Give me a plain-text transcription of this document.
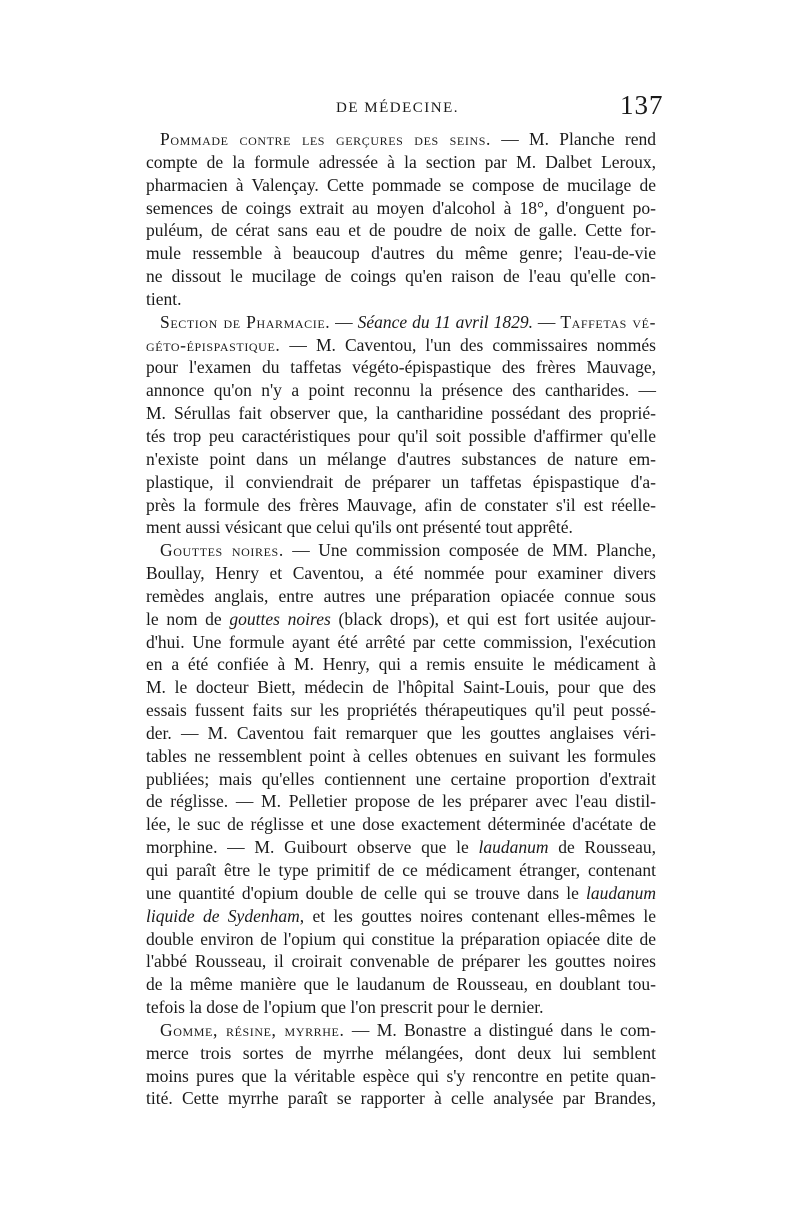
DE MÉDECINE.	137
Pommade contre les gerçures des seins. — M. Planche rend
compte de la formule adressée à la section par M. Dalbet Leroux,
pharmacien à Valençay. Cette pommade se compose de mucilage de
semences de coings extrait au moyen d'alcohol à 18°, d'onguent po-
puléum, de cérat sans eau et de poudre de noix de galle. Cette for-
mule ressemble à beaucoup d'autres du même genre; l'eau-de-vie
ne dissout le mucilage de coings qu'en raison de l'eau qu'elle con-
tient.
Section de Pharmacie. — Séance du 11 avril 1829. — Taffetas vé-
géto-épispastique. — M. Caventou, l'un des commissaires nommés
pour l'examen du taffetas végéto-épispastique des frères Mauvage,
annonce qu'on n'y a point reconnu la présence des cantharides. —
M. Sérullas fait observer que, la cantharidine possédant des proprié-
tés trop peu caractéristiques pour qu'il soit possible d'affirmer qu'elle
n'existe point dans un mélange d'autres substances de nature em-
plastique, il conviendrait de préparer un taffetas épispastique d'a-
près la formule des frères Mauvage, afin de constater s'il est réelle-
ment aussi vésicant que celui qu'ils ont présenté tout apprêté.
Gouttes noires. — Une commission composée de MM. Planche,
Boullay, Henry et Caventou, a été nommée pour examiner divers
remèdes anglais, entre autres une préparation opiacée connue sous
le nom de gouttes noires (black drops), et qui est fort usitée aujour-
d'hui. Une formule ayant été arrêté par cette commission, l'exécution
en a été confiée à M. Henry, qui a remis ensuite le médicament à
M. le docteur Biett, médecin de l'hôpital Saint-Louis, pour que des
essais fussent faits sur les propriétés thérapeutiques qu'il peut possé-
der. — M. Caventou fait remarquer que les gouttes anglaises véri-
tables ne ressemblent point à celles obtenues en suivant les formules
publiées; mais qu'elles contiennent une certaine proportion d'extrait
de réglisse. — M. Pelletier propose de les préparer avec l'eau distil-
lée, le suc de réglisse et une dose exactement déterminée d'acétate de
morphine. — M. Guibourt observe que le laudanum de Rousseau,
qui paraît être le type primitif de ce médicament étranger, contenant
une quantité d'opium double de celle qui se trouve dans le laudanum
liquide de Sydenham, et les gouttes noires contenant elles-mêmes le
double environ de l'opium qui constitue la préparation opiacée dite de
l'abbé Rousseau, il croirait convenable de préparer les gouttes noires
de la même manière que le laudanum de Rousseau, en doublant tou-
tefois la dose de l'opium que l'on prescrit pour le dernier.
Gomme, résine, myrrhe. — M. Bonastre a distingué dans le com-
merce trois sortes de myrrhe mélangées, dont deux lui semblent
moins pures que la véritable espèce qui s'y rencontre en petite quan-
tité. Cette myrrhe paraît se rapporter à celle analysée par Brandes,
